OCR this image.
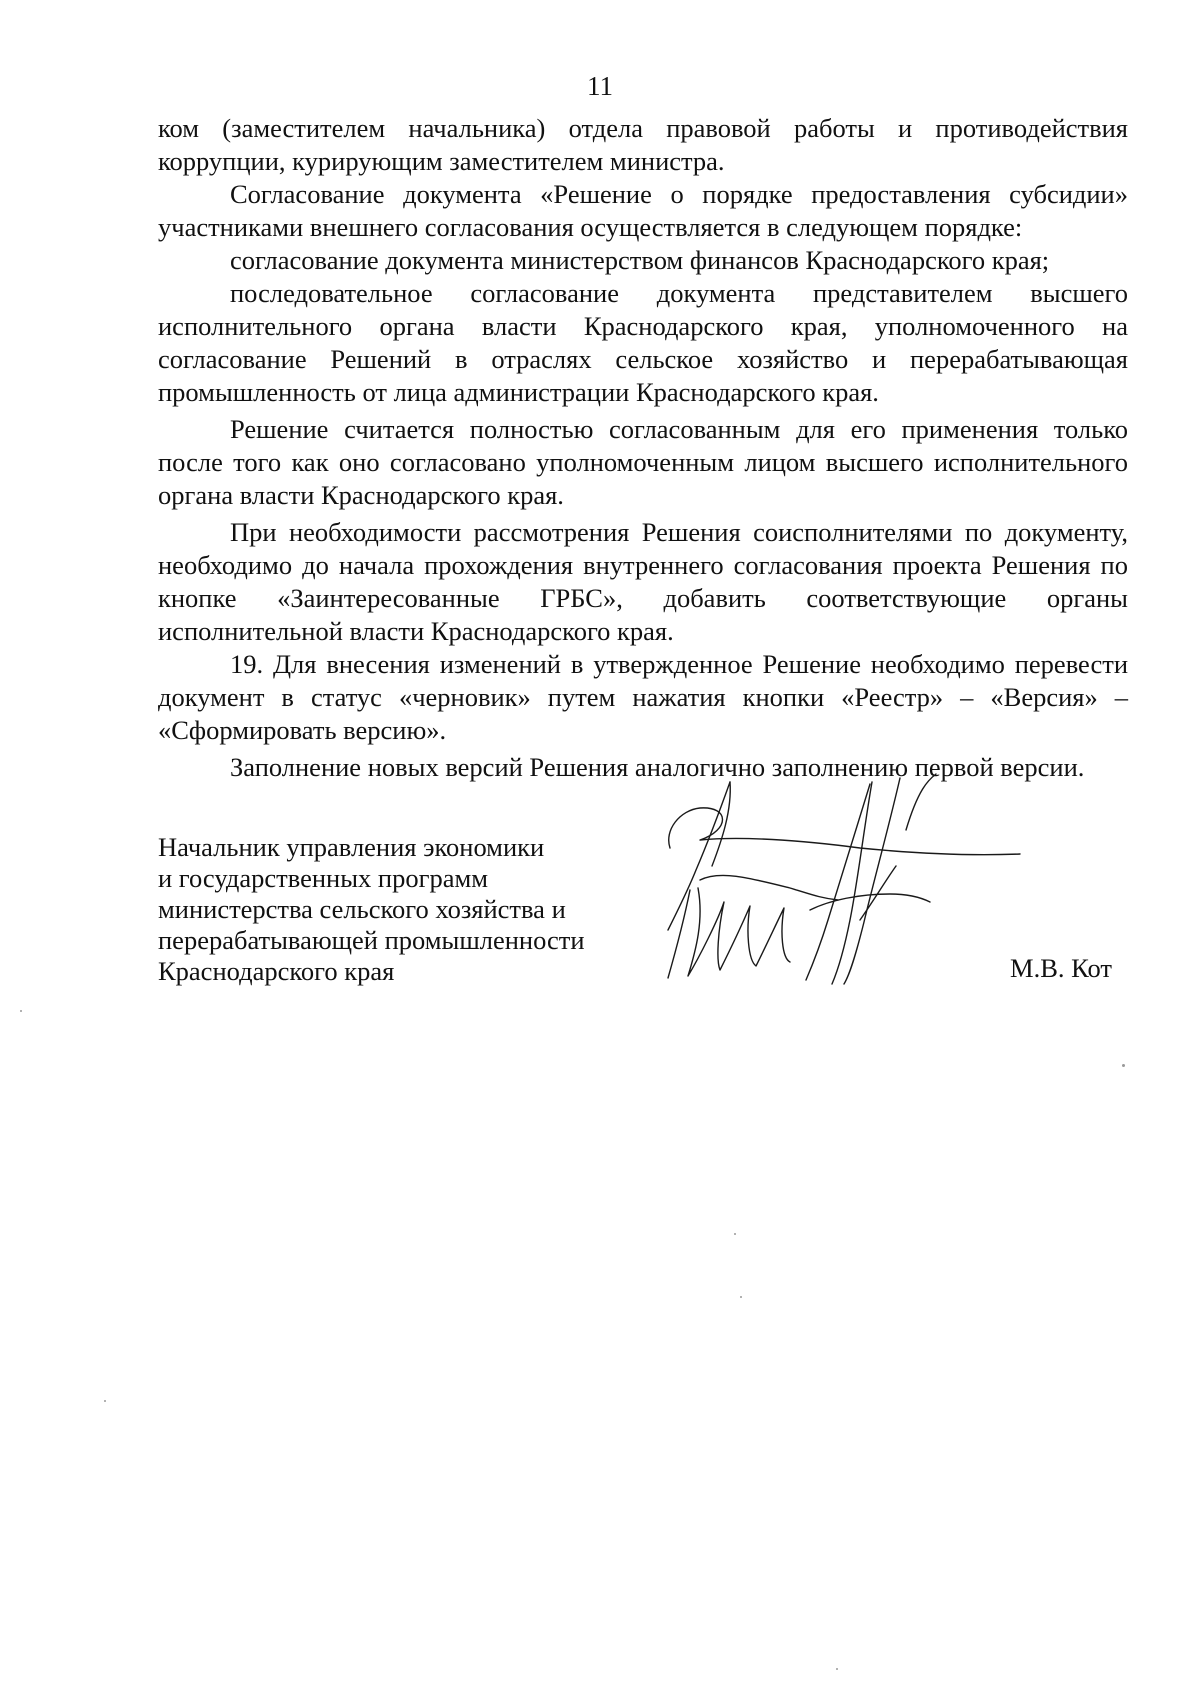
11

ком (заместителем начальника) отдела правовой работы и противодействия коррупции, курирующим заместителем министра.

Согласование документа «Решение о порядке предоставления субсидии» участниками внешнего согласования осуществляется в следующем порядке:

согласование документа министерством финансов Краснодарского края;

последовательное согласование документа представителем высшего исполнительного органа власти Краснодарского края, уполномоченного на согласование Решений в отраслях сельское хозяйство и перерабатывающая промышленность от лица администрации Краснодарского края.

Решение считается полностью согласованным для его применения только после того как оно согласовано уполномоченным лицом высшего исполнительного органа власти Краснодарского края.

При необходимости рассмотрения Решения соисполнителями по документу, необходимо до начала прохождения внутреннего согласования проекта Решения по кнопке «Заинтересованные ГРБС», добавить соответствующие органы исполнительной власти Краснодарского края.

19. Для внесения изменений в утвержденное Решение необходимо перевести документ в статус «черновик» путем нажатия кнопки «Реестр» – «Версия» – «Сформировать версию».

Заполнение новых версий Решения аналогично заполнению первой версии.

Начальник управления экономики
и государственных программ
министерства сельского хозяйства и
перерабатывающей промышленности
Краснодарского края	М.В. Кот
